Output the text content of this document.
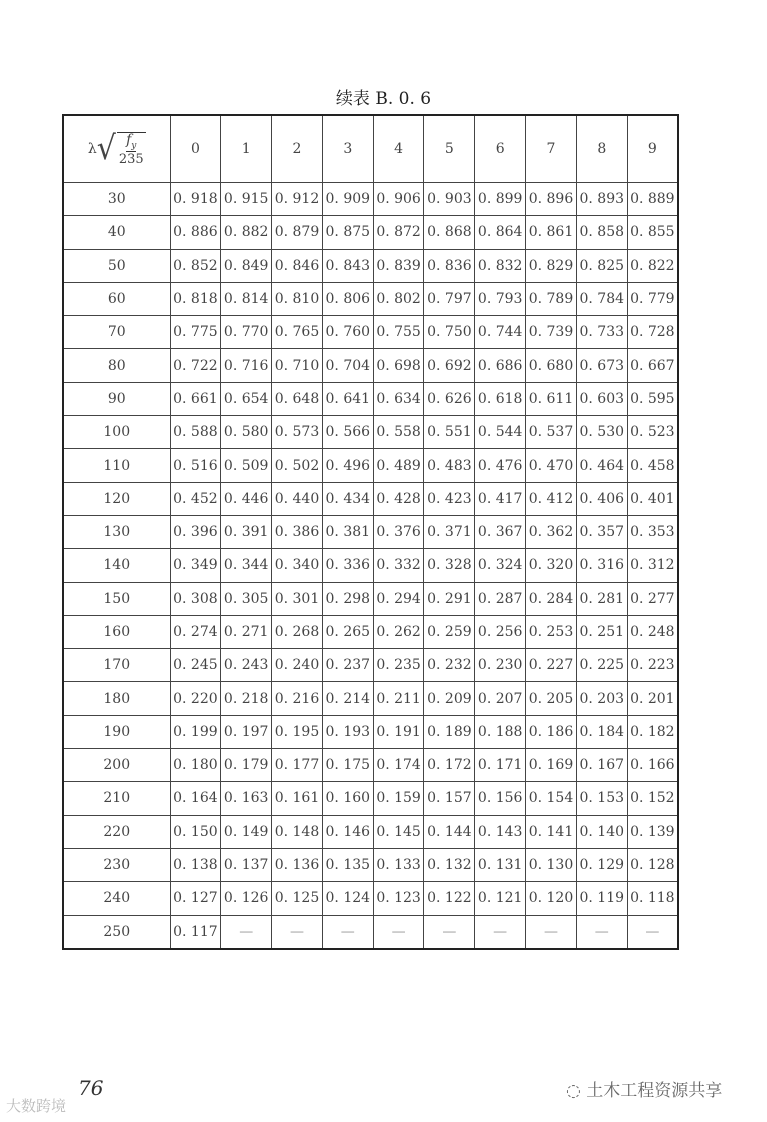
续表 B. 0. 6
λ √ $\frac{f_y}{235}$	0	1	2	3	4	5	6	7	8	9
30	0. 918	0. 915	0. 912	0. 909	0. 906	0. 903	0. 899	0. 896	0. 893	0. 889
40	0. 886	0. 882	0. 879	0. 875	0. 872	0. 868	0. 864	0. 861	0. 858	0. 855
50	0. 852	0. 849	0. 846	0. 843	0. 839	0. 836	0. 832	0. 829	0. 825	0. 822
60	0. 818	0. 814	0. 810	0. 806	0. 802	0. 797	0. 793	0. 789	0. 784	0. 779
70	0. 775	0. 770	0. 765	0. 760	0. 755	0. 750	0. 744	0. 739	0. 733	0. 728
80	0. 722	0. 716	0. 710	0. 704	0. 698	0. 692	0. 686	0. 680	0. 673	0. 667
90	0. 661	0. 654	0. 648	0. 641	0. 634	0. 626	0. 618	0. 611	0. 603	0. 595
100	0. 588	0. 580	0. 573	0. 566	0. 558	0. 551	0. 544	0. 537	0. 530	0. 523
110	0. 516	0. 509	0. 502	0. 496	0. 489	0. 483	0. 476	0. 470	0. 464	0. 458
120	0. 452	0. 446	0. 440	0. 434	0. 428	0. 423	0. 417	0. 412	0. 406	0. 401
130	0. 396	0. 391	0. 386	0. 381	0. 376	0. 371	0. 367	0. 362	0. 357	0. 353
140	0. 349	0. 344	0. 340	0. 336	0. 332	0. 328	0. 324	0. 320	0. 316	0. 312
150	0. 308	0. 305	0. 301	0. 298	0. 294	0. 291	0. 287	0. 284	0. 281	0. 277
160	0. 274	0. 271	0. 268	0. 265	0. 262	0. 259	0. 256	0. 253	0. 251	0. 248
170	0. 245	0. 243	0. 240	0. 237	0. 235	0. 232	0. 230	0. 227	0. 225	0. 223
180	0. 220	0. 218	0. 216	0. 214	0. 211	0. 209	0. 207	0. 205	0. 203	0. 201
190	0. 199	0. 197	0. 195	0. 193	0. 191	0. 189	0. 188	0. 186	0. 184	0. 182
200	0. 180	0. 179	0. 177	0. 175	0. 174	0. 172	0. 171	0. 169	0. 167	0. 166
210	0. 164	0. 163	0. 161	0. 160	0. 159	0. 157	0. 156	0. 154	0. 153	0. 152
220	0. 150	0. 149	0. 148	0. 146	0. 145	0. 144	0. 143	0. 141	0. 140	0. 139
230	0. 138	0. 137	0. 136	0. 135	0. 133	0. 132	0. 131	0. 130	0. 129	0. 128
240	0. 127	0. 126	0. 125	0. 124	0. 123	0. 122	0. 121	0. 120	0. 119	0. 118
250	0. 117	—	—	—	—	—	—	—	—	—
76
大数跨境
◌ 土木工程资源共享
